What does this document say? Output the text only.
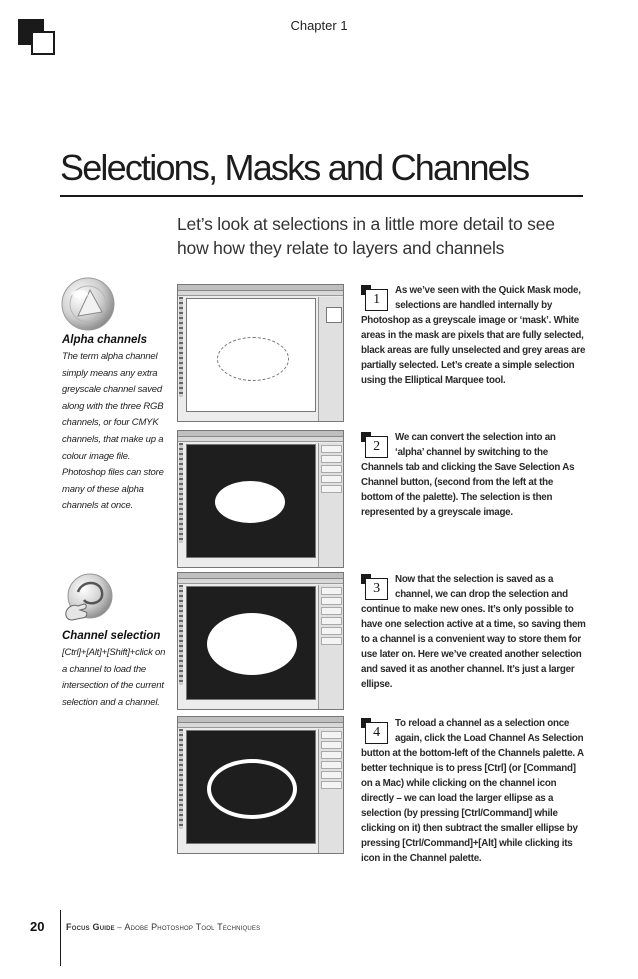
Chapter 1
Selections, Masks and Channels
Let’s look at selections in a little more detail to see how how they relate to layers and channels
Alpha channels
The term alpha channel simply means any extra greyscale channel saved along with the three RGB channels, or four CMYK channels, that make up a colour image file. Photoshop files can store many of these alpha channels at once.
Channel selection
[Ctrl]+[Alt]+[Shift]+click on a channel to load the intersection of the current selection and a channel.
1
As we’ve seen with the Quick Mask mode, selections are handled internally by Photoshop as a greyscale image or ‘mask’. White areas in the mask are pixels that are fully selected, black areas are fully unselected and grey areas are partially selected. Let’s create a simple selection using the Elliptical Marquee tool.
2
We can convert the selection into an ‘alpha’ channel by switching to the Channels tab and clicking the Save Selection As Channel button, (second from the left at the bottom of the palette). The selection is then represented by a greyscale image.
3
Now that the selection is saved as a channel, we can drop the selection and continue to make new ones. It’s only possible to have one selection active at a time, so saving them to a channel is a convenient way to store them for use later on. Here we’ve created another selection and saved it as another channel. It’s just a larger ellipse.
4
To reload a channel as a selection once again, click the Load Channel As Selection button at the bottom-left of the Channels palette. A better technique is to press [Ctrl] (or [Command] on a Mac) while clicking on the channel icon directly – we can load the larger ellipse as a selection (by pressing [Ctrl/Command] while clicking on it) then subtract the smaller ellipse by pressing [Ctrl/Command]+[Alt] while clicking its icon in the Channel palette.
20 Focus Guide – Adobe Photoshop Tool Techniques
